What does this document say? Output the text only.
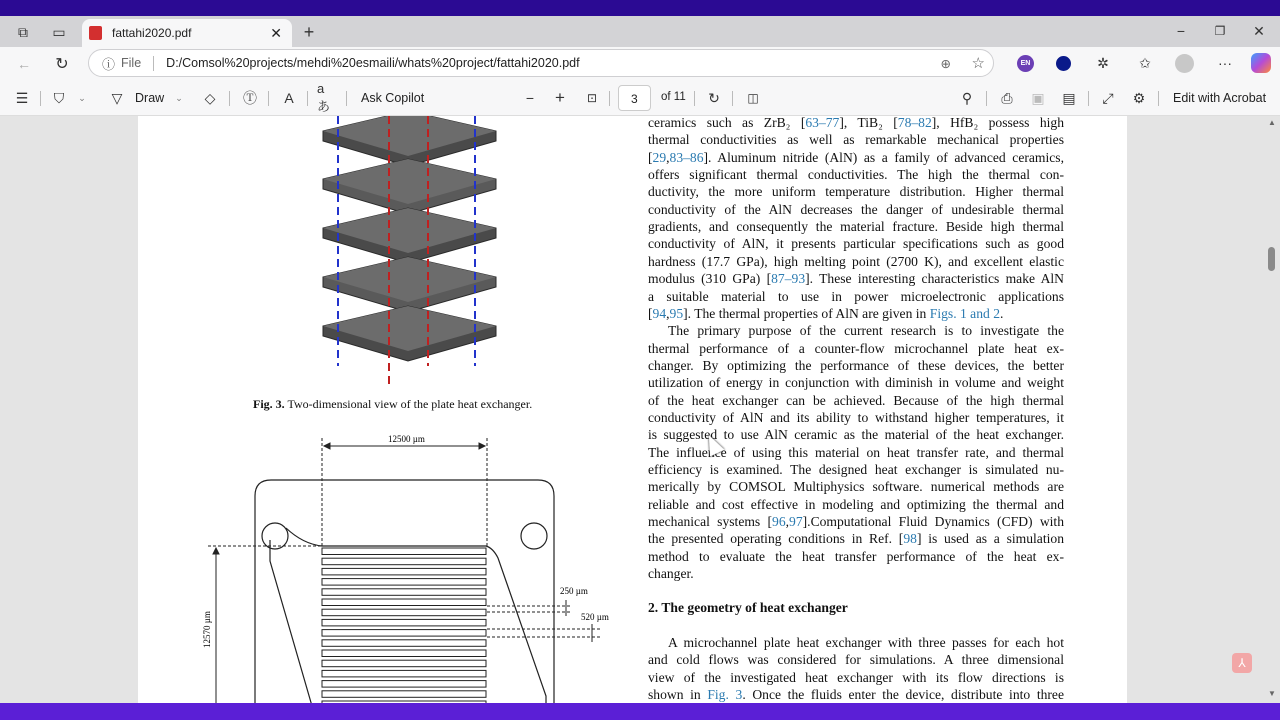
⧉ ▭	fattahi2020.pdf	✕ +	−	❐ ✕
← ↻	ⓘ File D:/Comsol%20projects/mehdi%20esmaili/whats%20project/fattahi2020.pdf	⊕ ☆	EN	✲ ✩	···
☰ ⛉	⌄ ▽ Draw ⌄ ◇ Ⓣ	A
aあ
Ask Copilot	− +	⊡	3	of 11 ↻ ◫	⚲ ⎙ ▣ ▤ ⤢ ⚙ Edit with Acrobat
Fig. 3. Two-dimensional view of the plate heat exchanger.
12500 µm
12570 µm
250 µm
520 µm
ceramics such as ZrB₂ [63–77], TiB₂ [78–82], HfB₂ possess high
thermal conductivities as well as remarkable mechanical properties
[29,83–86]. Aluminum nitride (AlN) as a family of advanced ceramics,
offers significant thermal conductivities. The high the thermal con-
ductivity, the more uniform temperature distribution. Higher thermal
conductivity of the AlN decreases the danger of undesirable thermal
gradients, and consequently the material fracture. Beside high thermal
conductivity of AlN, it presents particular specifications such as good
hardness (17.7 GPa), high melting point (2700 K), and excellent elastic
modulus (310 GPa) [87–93]. These interesting characteristics make AlN
a suitable material to use in power microelectronic applications
[94,95]. The thermal properties of AlN are given in Figs. 1 and 2.
The primary purpose of the current research is to investigate the
thermal performance of a counter-flow microchannel plate heat ex-
changer. By optimizing the performance of these devices, the better
utilization of energy in conjunction with diminish in volume and weight
of the heat exchanger can be achieved. Because of the high thermal
conductivity of AlN and its ability to withstand higher temperatures, it
is suggested to use AlN ceramic as the material of the heat exchanger.
The influence of using this material on heat transfer rate, and thermal
efficiency is examined. The designed heat exchanger is simulated nu-
merically by COMSOL Multiphysics software. numerical methods are
reliable and cost effective in modeling and optimizing the thermal and
mechanical systems [96,97].Computational Fluid Dynamics (CFD) with
the presented operating conditions in Ref. [98] is used as a simulation
method to evaluate the heat transfer performance of the heat ex-
changer.
2. The geometry of heat exchanger
A microchannel plate heat exchanger with three passes for each hot
and cold flows was considered for simulations. A three dimensional
view of the investigated heat exchanger with its flow directions is
shown in Fig. 3. Once the fluids enter the device, distribute into three
▲
▼
⅄
